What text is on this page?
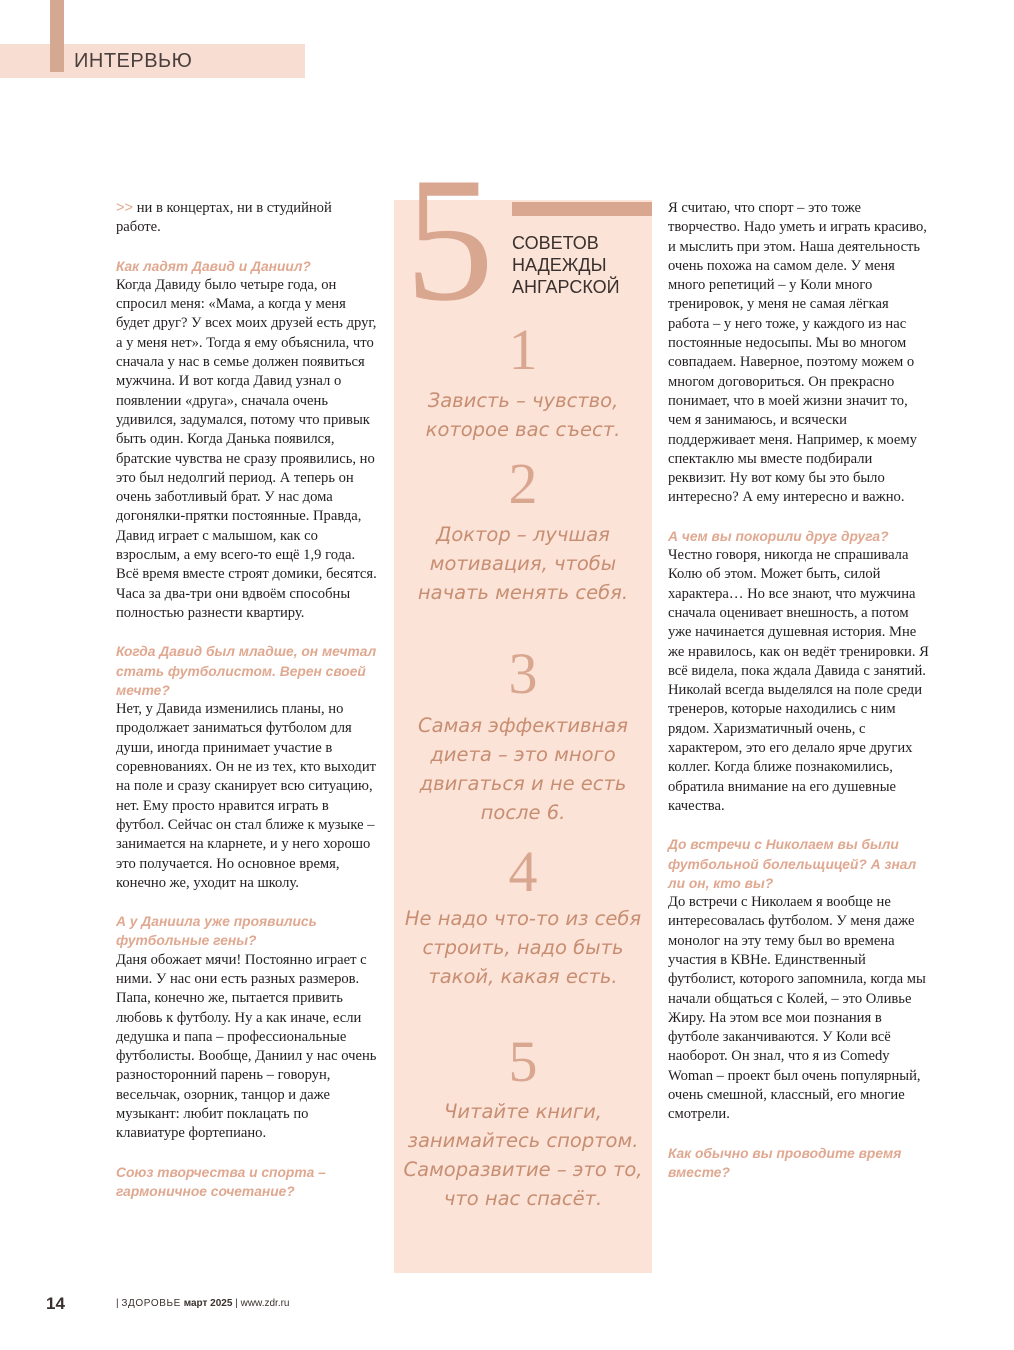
ИНТЕРВЬЮ

>> ни в концертах, ни в студийной работе.

Как ладят Давид и Даниил?

Когда Давиду было четыре года, он спросил меня: «Мама, а когда у меня будет друг? У всех моих друзей есть друг, а у меня нет». Тогда я ему объяснила, что сначала у нас в семье должен появиться мужчина. И вот когда Давид узнал о появлении «друга», сначала очень удивился, задумался, потому что привык быть один. Когда Данька появился, братские чувства не сразу проявились, но это был недолгий период. А теперь он очень заботливый брат. У нас дома догонялки-прятки постоянные. Правда, Давид играет с малышом, как со взрослым, а ему всего-то ещё 1,9 года. Всё время вместе строят домики, бесятся. Часа за два-три они вдвоём способны полностью разнести квартиру.

Когда Давид был младше, он мечтал стать футболистом. Верен своей мечте?

Нет, у Давида изменились планы, но продолжает заниматься футболом для души, иногда принимает участие в соревнованиях. Он не из тех, кто выходит на поле и сразу сканирует всю ситуацию, нет. Ему просто нравится играть в футбол. Сейчас он стал ближе к музыке – занимается на кларнете, и у него хорошо это получается. Но основное время, конечно же, уходит на школу.

А у Даниила уже проявились футбольные гены?

Даня обожает мячи! Постоянно играет с ними. У нас они есть разных размеров. Папа, конечно же, пытается привить любовь к футболу. Ну а как иначе, если дедушка и папа – профессиональные футболисты. Вообще, Даниил у нас очень разносторонний парень – говорун, весельчак, озорник, танцор и даже музыкант: любит поклацать по клавиатуре фортепиано.

Союз творчества и спорта – гармоничное сочетание?

5 СОВЕТОВ
НАДЕЖДЫ
АНГАРСКОЙ
1
Зависть – чувство, которое вас съест.
2
Доктор – лучшая мотивация, чтобы начать менять себя.
3
Самая эффективная диета – это много двигаться и не есть после 6.
4
Не надо что-то из себя строить, надо быть такой, какая есть.
5
Читайте книги, занимайтесь спортом. Саморазвитие – это то, что нас спасёт.

Я считаю, что спорт – это тоже творчество. Надо уметь и играть красиво, и мыслить при этом. Наша деятельность очень похожа на самом деле. У меня много репетиций – у Коли много тренировок, у меня не самая лёгкая работа – у него тоже, у каждого из нас постоянные недосыпы. Мы во многом совпадаем. Наверное, поэтому можем о многом договориться. Он прекрасно понимает, что в моей жизни значит то, чем я занимаюсь, и всячески поддерживает меня. Например, к моему спектаклю мы вместе подбирали реквизит. Ну вот кому бы это было интересно? А ему интересно и важно.

А чем вы покорили друг друга?

Честно говоря, никогда не спрашивала Колю об этом. Может быть, силой характера… Но все знают, что мужчина сначала оценивает внешность, а потом уже начинается душевная история. Мне же нравилось, как он ведёт тренировки. Я всё видела, пока ждала Давида с занятий. Николай всегда выделялся на поле среди тренеров, которые находились с ним рядом. Харизматичный очень, с характером, это его делало ярче других коллег. Когда ближе познакомились, обратила внимание на его душевные качества.

До встречи с Николаем вы были футбольной болельщицей? А знал ли он, кто вы?

До встречи с Николаем я вообще не интересовалась футболом. У меня даже монолог на эту тему был во времена участия в КВНе. Единственный футболист, которого запомнила, когда мы начали общаться с Колей, – это Оливье Жиру. На этом все мои познания в футболе заканчиваются. У Коли всё наоборот. Он знал, что я из Comedy Woman – проект был очень популярный, очень смешной, классный, его многие смотрели.

Как обычно вы проводите время вместе?

14	| ЗДОРОВЬЕ март 2025 | www.zdr.ru
